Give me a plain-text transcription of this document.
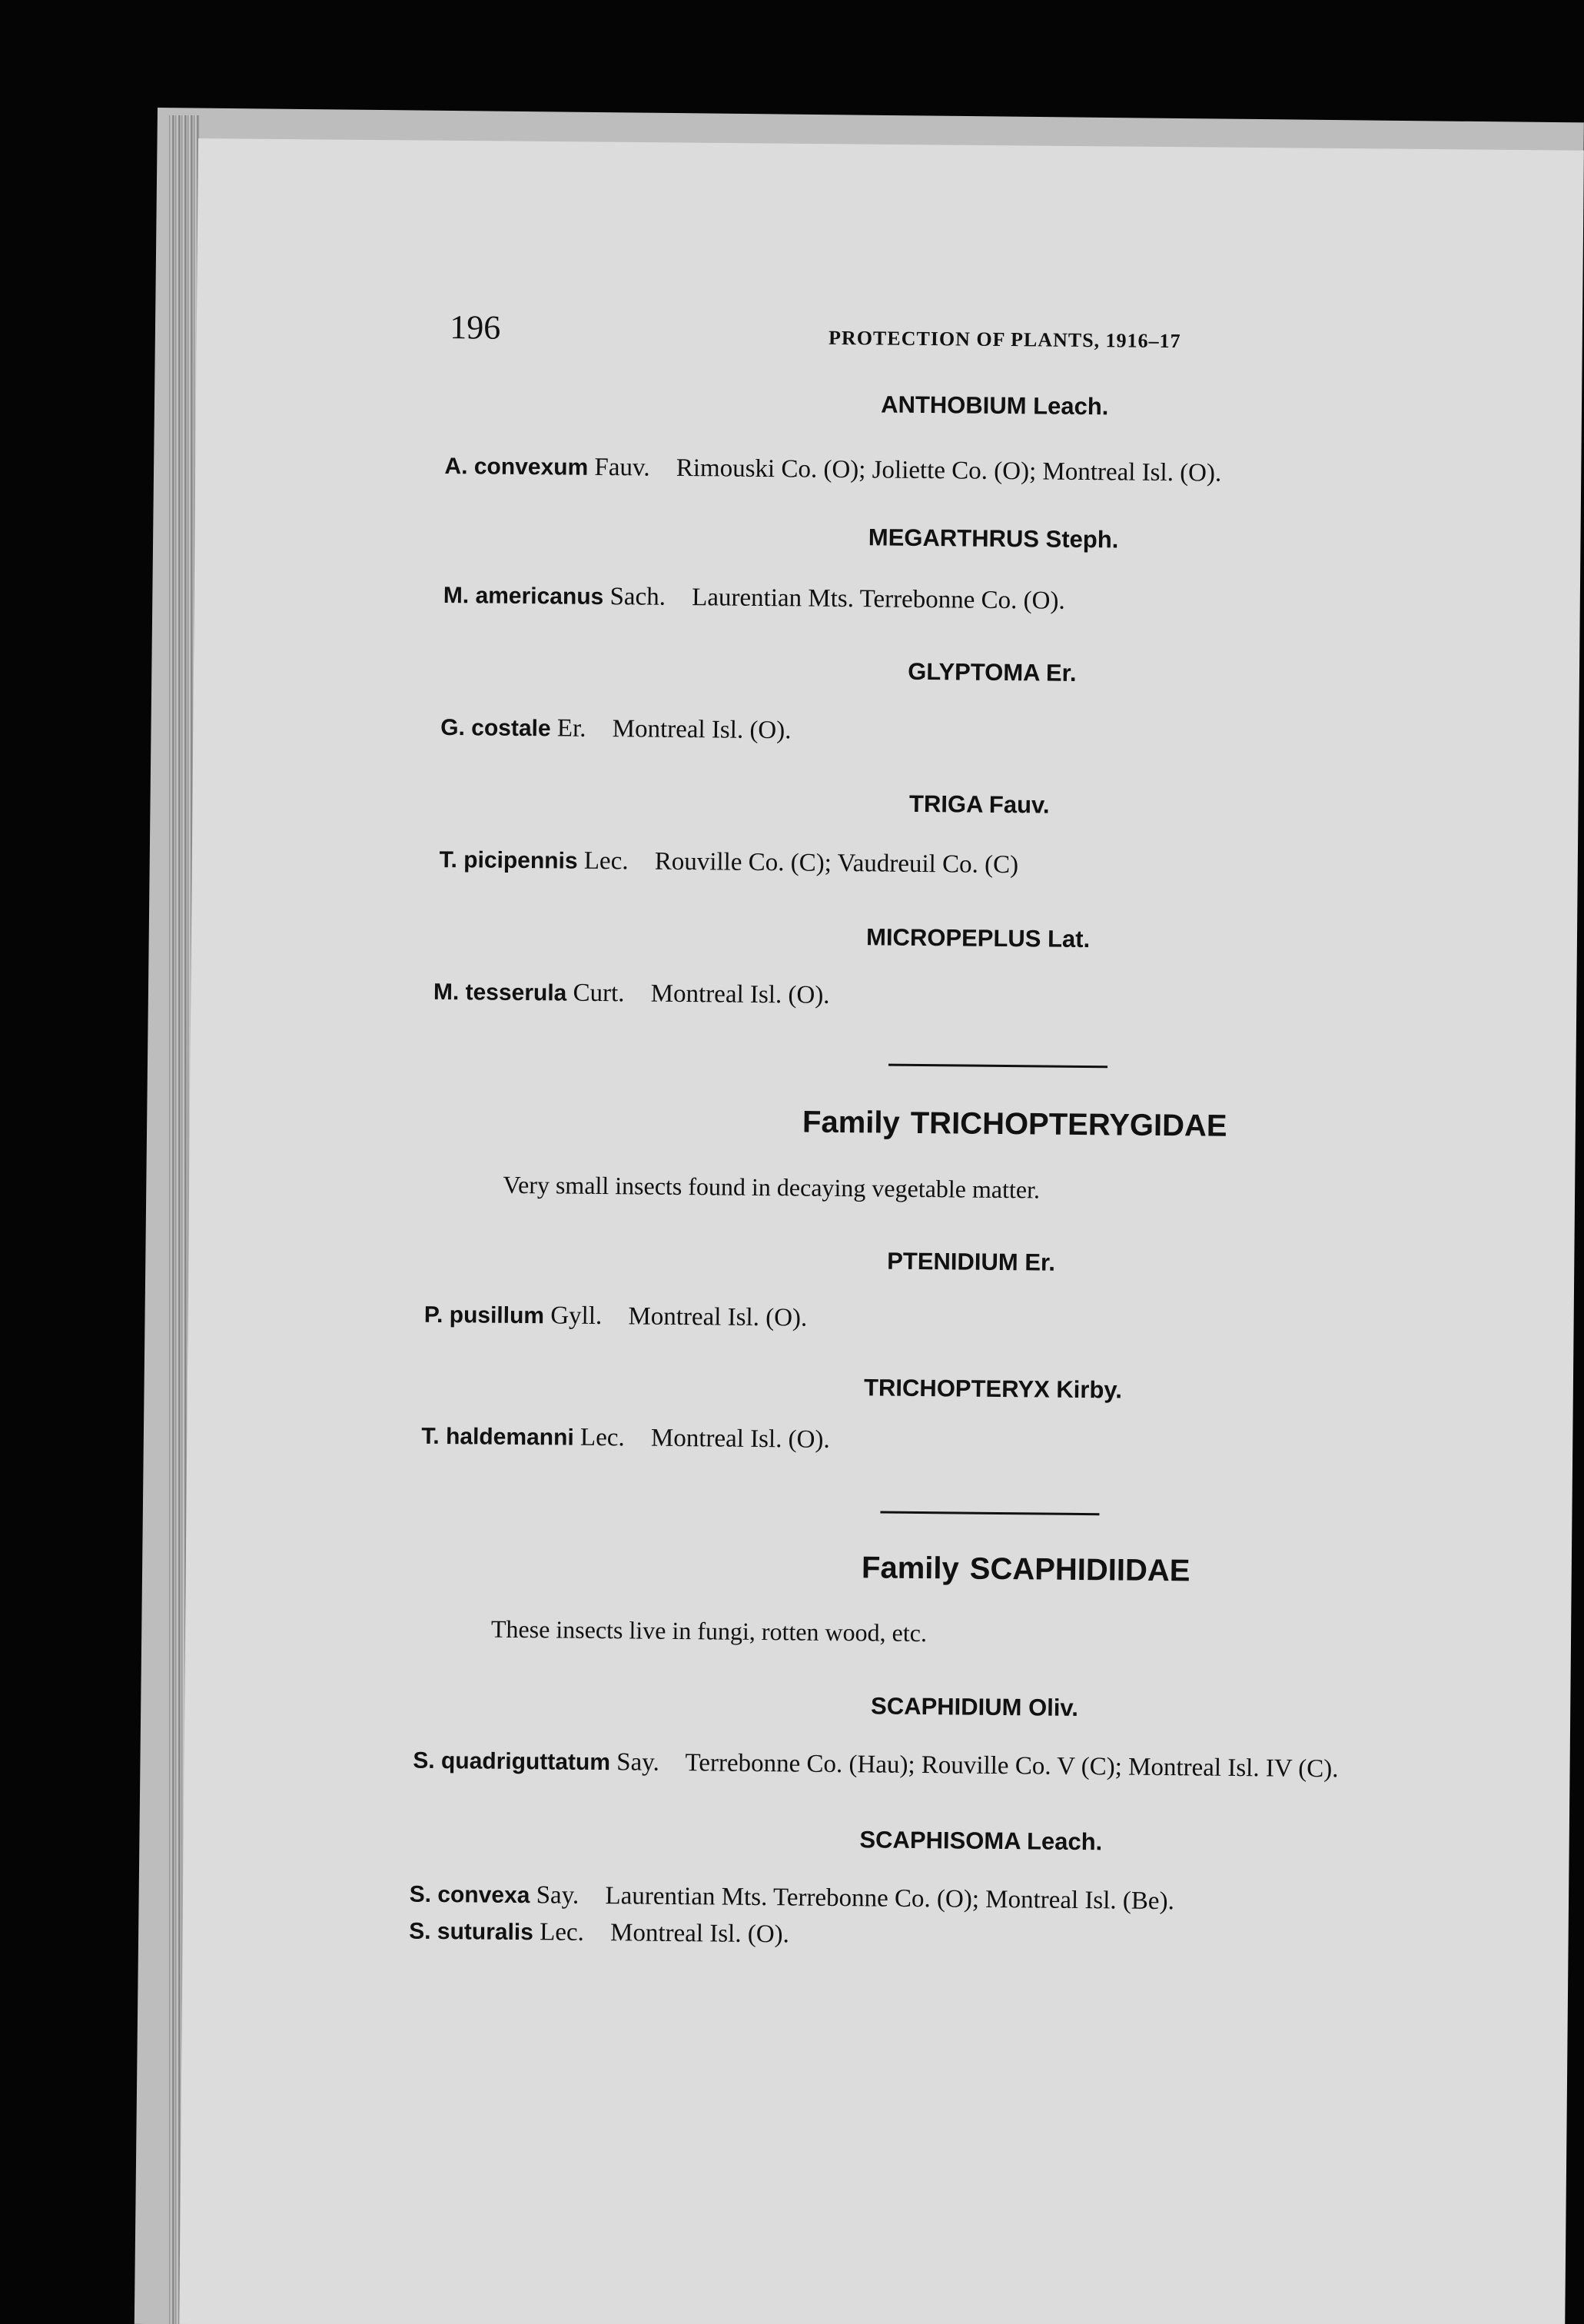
196	PROTECTION OF PLANTS, 1916–17
ANTHOBIUM Leach.
A. convexum Fauv. Rimouski Co. (O); Joliette Co. (O); Montreal Isl. (O).
MEGARTHRUS Steph.
M. americanus Sach. Laurentian Mts. Terrebonne Co. (O).
GLYPTOMA Er.
G. costale Er. Montreal Isl. (O).
TRIGA Fauv.
T. picipennis Lec. Rouville Co. (C); Vaudreuil Co. (C)
MICROPEPLUS Lat.
M. tesserula Curt. Montreal Isl. (O).
Family TRICHOPTERYGIDAE
Very small insects found in decaying vegetable matter.
PTENIDIUM Er.
P. pusillum Gyll. Montreal Isl. (O).
TRICHOPTERYX Kirby.
T. haldemanni Lec. Montreal Isl. (O).
Family SCAPHIDIIDAE
These insects live in fungi, rotten wood, etc.
SCAPHIDIUM Oliv.
S. quadriguttatum Say. Terrebonne Co. (Hau); Rouville Co. V (C); Montreal Isl. IV (C).
SCAPHISOMA Leach.
S. convexa Say. Laurentian Mts. Terrebonne Co. (O); Montreal Isl. (Be).
S. suturalis Lec. Montreal Isl. (O).
